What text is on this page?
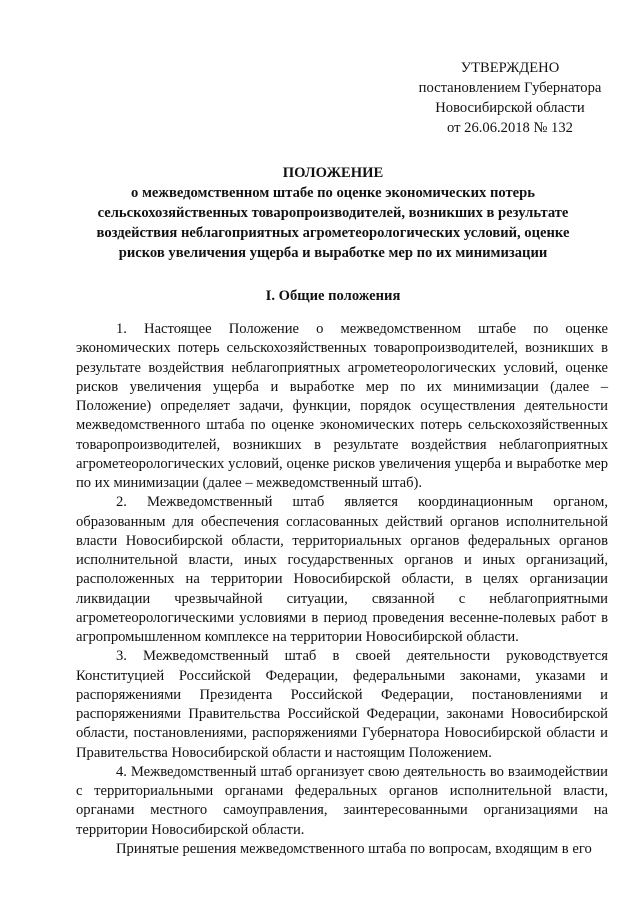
УТВЕРЖДЕНО
постановлением Губернатора
Новосибирской области
от 26.06.2018 № 132
ПОЛОЖЕНИЕ
о межведомственном штабе по оценке экономических потерь
сельскохозяйственных товаропроизводителей, возникших в результате
воздействия неблагоприятных агрометеорологических условий, оценке
рисков увеличения ущерба и выработке мер по их минимизации
I. Общие положения

1. Настоящее Положение о межведомственном штабе по оценке экономических потерь сельскохозяйственных товаропроизводителей, возникших в результате воздействия неблагоприятных агрометеорологических условий, оценке рисков увеличения ущерба и выработке мер по их минимизации (далее – Положение) определяет задачи, функции, порядок осуществления деятельности межведомственного штаба по оценке экономических потерь сельскохозяйственных товаропроизводителей, возникших в результате воздействия неблагоприятных агрометеорологических условий, оценке рисков увеличения ущерба и выработке мер по их минимизации (далее – межведомственный штаб).

2. Межведомственный штаб является координационным органом, образованным для обеспечения согласованных действий органов исполнительной власти Новосибирской области, территориальных органов федеральных органов исполнительной власти, иных государственных органов и иных организаций, расположенных на территории Новосибирской области, в целях организации ликвидации чрезвычайной ситуации, связанной с неблагоприятными агрометеорологическими условиями в период проведения весенне-полевых работ в агропромышленном комплексе на территории Новосибирской области.

3. Межведомственный штаб в своей деятельности руководствуется Конституцией Российской Федерации, федеральными законами, указами и распоряжениями Президента Российской Федерации, постановлениями и распоряжениями Правительства Российской Федерации, законами Новосибирской области, постановлениями, распоряжениями Губернатора Новосибирской области и Правительства Новосибирской области и настоящим Положением.

4. Межведомственный штаб организует свою деятельность во взаимодействии с территориальными органами федеральных органов исполнительной власти, органами местного самоуправления, заинтересованными организациями на территории Новосибирской области.

Принятые решения межведомственного штаба по вопросам, входящим в его
